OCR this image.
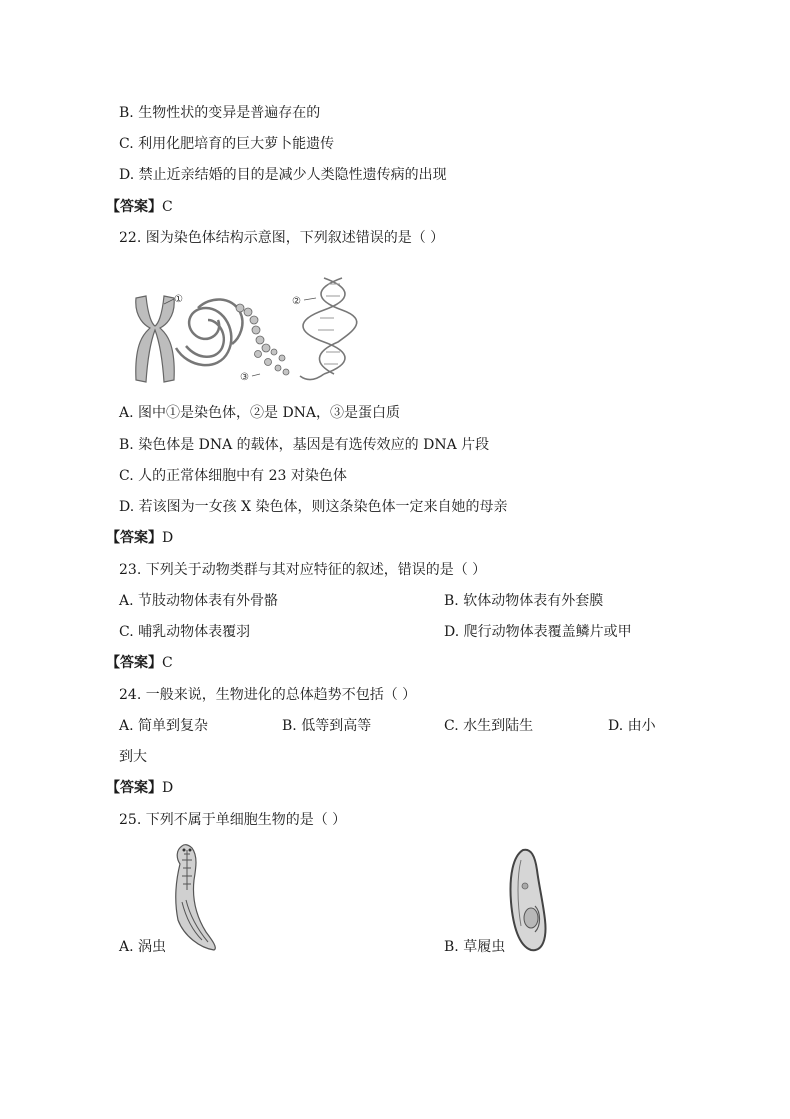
B. 生物性状的变异是普遍存在的
C. 利用化肥培育的巨大萝卜能遗传
D. 禁止近亲结婚的目的是减少人类隐性遗传病的出现
【答案】C
22. 图为染色体结构示意图，下列叙述错误的是（ ）
①
③
②
A. 图中①是染色体，②是 DNA，③是蛋白质
B. 染色体是 DNA 的载体，基因是有选传效应的 DNA 片段
C. 人的正常体细胞中有 23 对染色体
D. 若该图为一女孩 X 染色体，则这条染色体一定来自她的母亲
【答案】D
23. 下列关于动物类群与其对应特征的叙述，错误的是（ ）
A. 节肢动物体表有外骨骼	B. 软体动物体表有外套膜
C. 哺乳动物体表覆羽	D. 爬行动物体表覆盖鳞片或甲
【答案】C
24. 一般来说，生物进化的总体趋势不包括（ ）
A. 简单到复杂	B. 低等到高等	C. 水生到陆生	D. 由小
到大
【答案】D
25. 下列不属于单细胞生物的是（ ）
A. 涡虫	B. 草履虫
